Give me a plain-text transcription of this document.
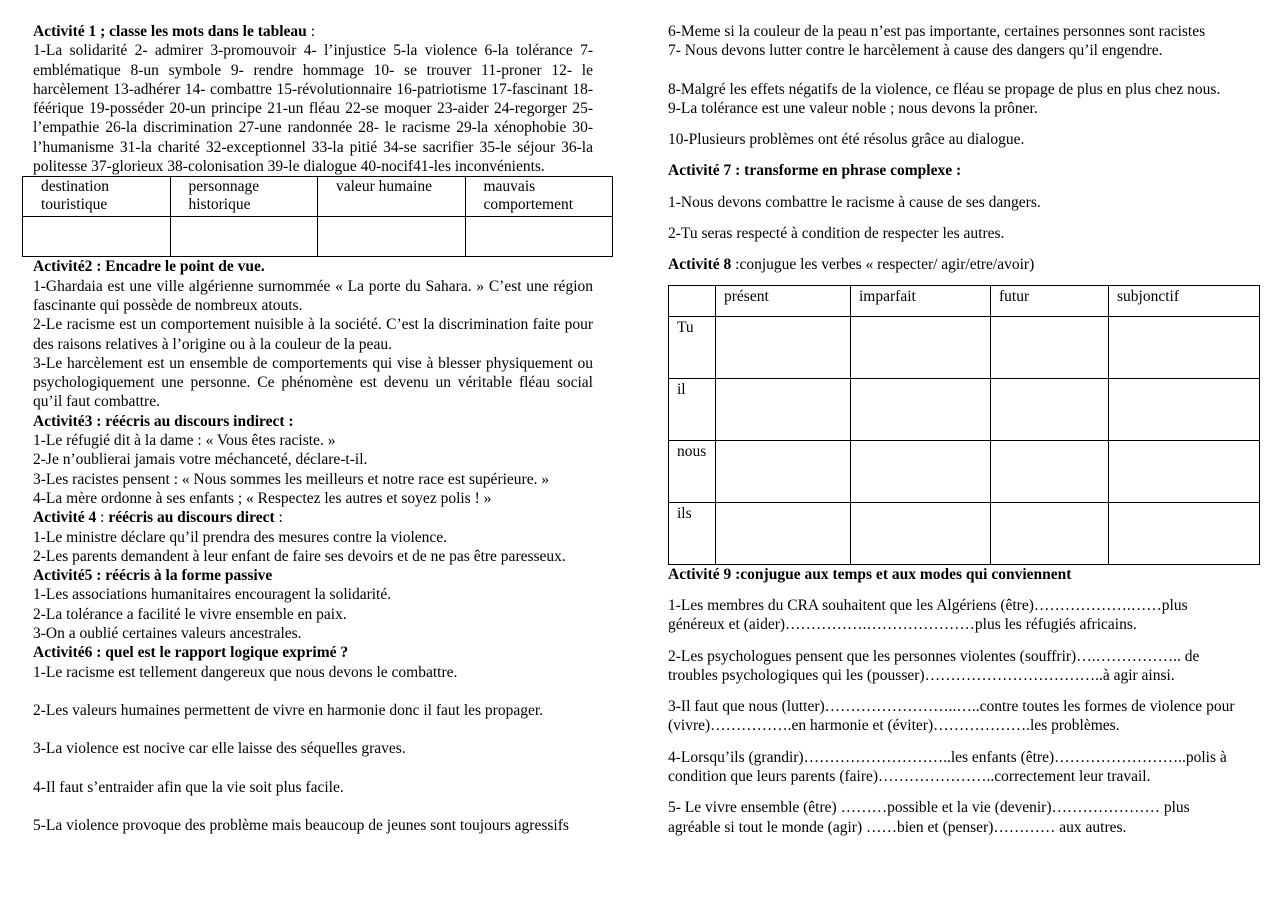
Activité 1 ; classe les mots dans le tableau :

1-La solidarité 2- admirer 3-promouvoir 4- l’injustice 5-la violence 6-la tolérance 7-emblématique 8-un symbole 9- rendre hommage 10- se trouver 11-proner 12- le harcèlement 13-adhérer 14- combattre 15-révolutionnaire 16-patriotisme 17-fascinant 18-féérique 19-posséder 20-un principe 21-un fléau 22-se moquer 23-aider 24-regorger 25-l’empathie 26-la discrimination 27-une randonnée 28- le racisme 29-la xénophobie 30-l’humanisme 31-la charité 32-exceptionnel 33-la pitié 34-se sacrifier 35-le séjour 36-la politesse 37-glorieux 38-colonisation 39-le dialogue 40-nocif41-les inconvénients.

destination touristique	personnage historique	valeur humaine	mauvais comportement

Activité2 : Encadre le point de vue.

1-Ghardaia est une ville algérienne surnommée « La porte du Sahara. » C’est une région fascinante qui possède de nombreux atouts.

2-Le racisme est un comportement nuisible à la société. C’est la discrimination faite pour des raisons relatives à l’origine ou à la couleur de la peau.

3-Le harcèlement est un ensemble de comportements qui vise à blesser physiquement ou psychologiquement une personne. Ce phénomène est devenu un véritable fléau social qu’il faut combattre.

Activité3 : réécris au discours indirect :

1-Le réfugié dit à la dame : « Vous êtes raciste. »

2-Je n’oublierai jamais votre méchanceté, déclare-t-il.

3-Les racistes pensent : « Nous sommes les meilleurs et notre race est supérieure. »

4-La mère ordonne à ses enfants ; « Respectez les autres et soyez polis ! »

Activité 4 : réécris au discours direct :

1-Le ministre déclare qu’il prendra des mesures contre la violence.

2-Les parents demandent à leur enfant de faire ses devoirs et de ne pas être paresseux.

Activité5 : réécris à la forme passive

1-Les associations humanitaires encouragent la solidarité.

2-La tolérance a facilité le vivre ensemble en paix.

3-On a oublié certaines valeurs ancestrales.

Activité6 : quel est le rapport logique exprimé ?

1-Le racisme est tellement dangereux que nous devons le combattre.

2-Les valeurs humaines permettent de vivre en harmonie donc il faut les propager.

3-La violence est nocive car elle laisse des séquelles graves.

4-Il faut s’entraider afin que la vie soit plus facile.

5-La violence provoque des problème mais beaucoup de jeunes sont toujours agressifs

6-Meme si la couleur de la peau n’est pas importante, certaines personnes sont racistes

7- Nous devons lutter contre le harcèlement à cause des dangers qu’il engendre.

8-Malgré les effets négatifs de la violence, ce fléau se propage de plus en plus chez nous.

9-La tolérance est une valeur noble ; nous devons la prôner.

10-Plusieurs problèmes ont été résolus grâce au dialogue.

Activité 7 : transforme en phrase complexe :

1-Nous devons combattre le racisme à cause de ses dangers.

2-Tu seras respecté à condition de respecter les autres.

Activité 8 :conjugue les verbes « respecter/ agir/etre/avoir)

	présent	imparfait	futur	subjonctif
Tu				
il				
nous				
ils				

Activité 9 :conjugue aux temps et aux modes qui conviennent

1-Les membres du CRA souhaitent que les Algériens (être)……………….……plus généreux et (aider)…………….…………………plus les réfugiés africains.

2-Les psychologues pensent que les personnes violentes (souffrir)….…………….. de troubles psychologiques qui les (pousser)……………………………..à agir ainsi.

3-Il faut que nous (lutter)……………………..…..contre toutes les formes de violence pour (vivre)…………….en harmonie et (éviter)……………….les problèmes.

4-Lorsqu’ils (grandir)………………………..les enfants (être)……………………..polis à condition que leurs parents (faire)…………………..correctement leur travail.

5- Le vivre ensemble (être) ………possible et la vie (devenir)………………… plus agréable si tout le monde (agir) ……bien et (penser)………… aux autres.
